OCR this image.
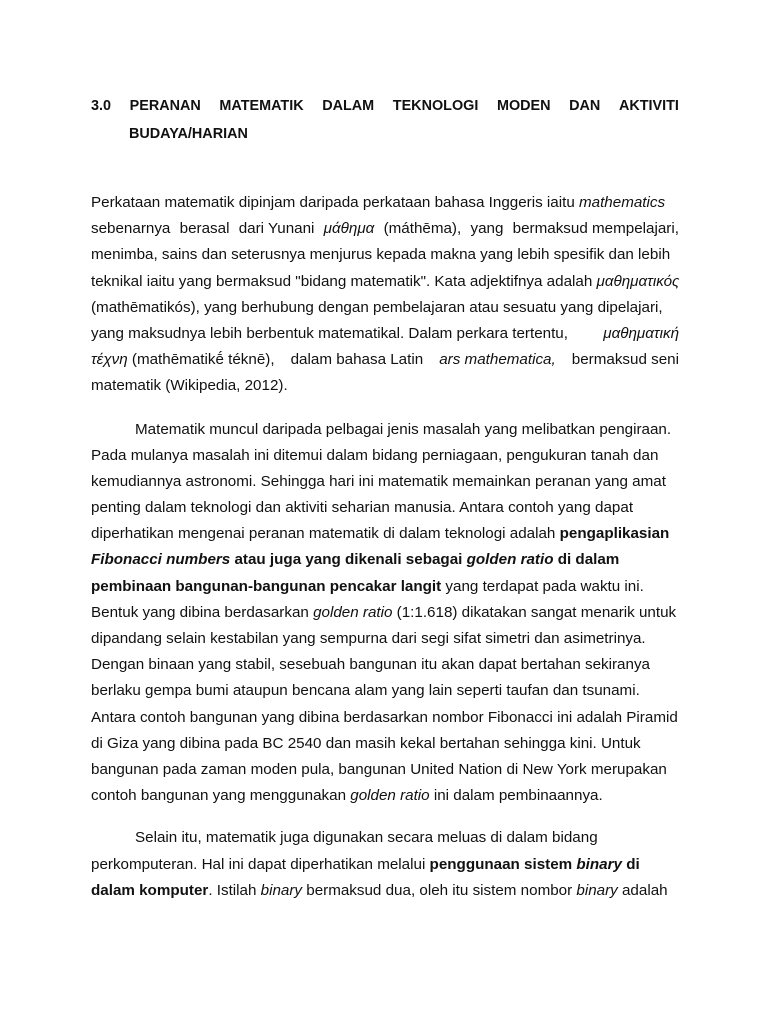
3.0 PERANAN MATEMATIK DALAM TEKNOLOGI MODEN DAN AKTIVITI
BUDAYA/HARIAN
Perkataan matematik dipinjam daripada perkataan bahasa Inggeris iaitu mathematics
sebenarnya berasal dari Yunani μάθημα (máthēma), yang bermaksud mempelajari,
menimba, sains dan seterusnya menjurus kepada makna yang lebih spesifik dan lebih
teknikal iaitu yang bermaksud "bidang matematik". Kata adjektifnya adalah μαθηματικός
(mathēmatikós), yang berhubung dengan pembelajaran atau sesuatu yang dipelajari,
yang maksudnya lebih berbentuk matematikal. Dalam perkara tertentu, μαθηματική
τέχνη (mathēmatikḗ téknē), dalam bahasa Latin ars mathematica, bermaksud seni
matematik (Wikipedia, 2012).
Matematik muncul daripada pelbagai jenis masalah yang melibatkan pengiraan.
Pada mulanya masalah ini ditemui dalam bidang perniagaan, pengukuran tanah dan
kemudiannya astronomi. Sehingga hari ini matematik memainkan peranan yang amat
penting dalam teknologi dan aktiviti seharian manusia. Antara contoh yang dapat
diperhatikan mengenai peranan matematik di dalam teknologi adalah pengaplikasian
Fibonacci numbers atau juga yang dikenali sebagai golden ratio di dalam
pembinaan bangunan-bangunan pencakar langit yang terdapat pada waktu ini.
Bentuk yang dibina berdasarkan golden ratio (1:1.618) dikatakan sangat menarik untuk
dipandang selain kestabilan yang sempurna dari segi sifat simetri dan asimetrinya.
Dengan binaan yang stabil, sesebuah bangunan itu akan dapat bertahan sekiranya
berlaku gempa bumi ataupun bencana alam yang lain seperti taufan dan tsunami.
Antara contoh bangunan yang dibina berdasarkan nombor Fibonacci ini adalah Piramid
di Giza yang dibina pada BC 2540 dan masih kekal bertahan sehingga kini. Untuk
bangunan pada zaman moden pula, bangunan United Nation di New York merupakan
contoh bangunan yang menggunakan golden ratio ini dalam pembinaannya.
Selain itu, matematik juga digunakan secara meluas di dalam bidang
perkomputeran. Hal ini dapat diperhatikan melalui penggunaan sistem binary di
dalam komputer . Istilah binary bermaksud dua, oleh itu sistem nombor binary adalah
